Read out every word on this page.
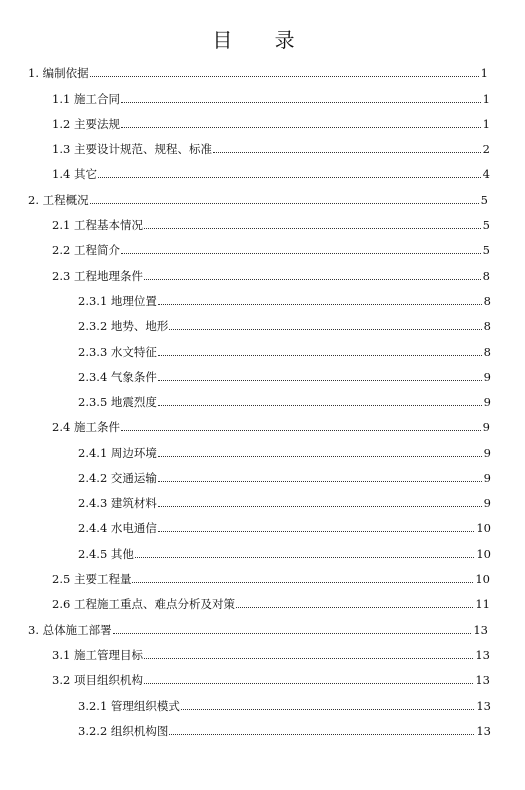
目 录
1. 编制依据	1
1.1 施工合同	1
1.2 主要法规	1
1.3 主要设计规范、规程、标准	2
1.4 其它	4
2. 工程概况	5
2.1 工程基本情况	5
2.2 工程简介	5
2.3 工程地理条件	8
2.3.1 地理位置	8
2.3.2 地势、地形	8
2.3.3 水文特征	8
2.3.4 气象条件	9
2.3.5 地震烈度	9
2.4 施工条件	9
2.4.1 周边环境	9
2.4.2 交通运输	9
2.4.3 建筑材料	9
2.4.4 水电通信	10
2.4.5 其他	10
2.5 主要工程量	10
2.6 工程施工重点、难点分析及对策	11
3. 总体施工部署	13
3.1 施工管理目标	13
3.2 项目组织机构	13
3.2.1 管理组织模式	13
3.2.2 组织机构图	13
